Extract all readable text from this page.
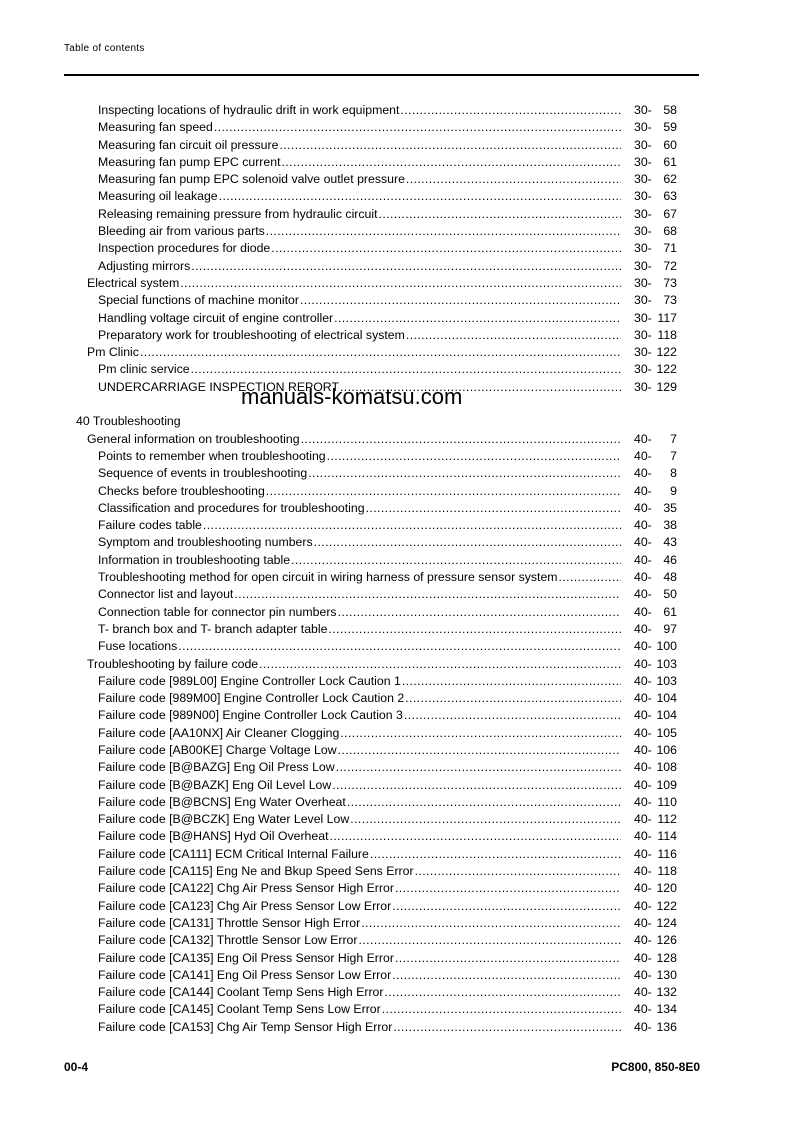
Table of contents
Inspecting locations of hydraulic drift in work equipment
.....	30- 58
Measuring fan speed
.....	30- 59
Measuring fan circuit oil pressure
.....	30- 60
Measuring fan pump EPC current
.....	30- 61
Measuring fan pump EPC solenoid valve outlet pressure
.....	30- 62
Measuring oil leakage
.....	30- 63
Releasing remaining pressure from hydraulic circuit
.....	30- 67
Bleeding air from various parts
.....	30- 68
Inspection procedures for diode
.....	30- 71
Adjusting mirrors
.....	30- 72
Electrical system
.....	30- 73
Special functions of machine monitor
.....	30- 73
Handling voltage circuit of engine controller
.....	30- 117
Preparatory work for troubleshooting of electrical system
.....	30- 118
Pm Clinic
.....	30- 122
Pm clinic service
.....	30- 122
UNDERCARRIAGE INSPECTION REPORT
.....	30- 129
manuals-komatsu.com
40 Troubleshooting
General information on troubleshooting
.....	40- 7
Points to remember when troubleshooting
.....	40- 7
Sequence of events in troubleshooting
.....	40- 8
Checks before troubleshooting
.....	40- 9
Classification and procedures for troubleshooting
.....	40- 35
Failure codes table
.....	40- 38
Symptom and troubleshooting numbers
.....	40- 43
Information in troubleshooting table
.....	40- 46
Troubleshooting method for open circuit in wiring harness of pressure sensor system
.....	40- 48
Connector list and layout
.....	40- 50
Connection table for connector pin numbers
.....	40- 61
T- branch box and T- branch adapter table
.....	40- 97
Fuse locations
.....	40- 100
Troubleshooting by failure code
.....	40- 103
Failure code [989L00] Engine Controller Lock Caution 1
.....	40- 103
Failure code [989M00] Engine Controller Lock Caution 2
.....	40- 104
Failure code [989N00] Engine Controller Lock Caution 3
.....	40- 104
Failure code [AA10NX] Air Cleaner Clogging
.....	40- 105
Failure code [AB00KE] Charge Voltage Low
.....	40- 106
Failure code [B@BAZG] Eng Oil Press Low
.....	40- 108
Failure code [B@BAZK] Eng Oil Level Low
.....	40- 109
Failure code [B@BCNS] Eng Water Overheat
.....	40- 110
Failure code [B@BCZK] Eng Water Level Low
.....	40- 112
Failure code [B@HANS] Hyd Oil Overheat
.....	40- 114
Failure code [CA111] ECM Critical Internal Failure
.....	40- 116
Failure code [CA115] Eng Ne and Bkup Speed Sens Error
.....	40- 118
Failure code [CA122] Chg Air Press Sensor High Error
.....	40- 120
Failure code [CA123] Chg Air Press Sensor Low Error
.....	40- 122
Failure code [CA131] Throttle Sensor High Error
.....	40- 124
Failure code [CA132] Throttle Sensor Low Error
.....	40- 126
Failure code [CA135] Eng Oil Press Sensor High Error
.....	40- 128
Failure code [CA141] Eng Oil Press Sensor Low Error
.....	40- 130
Failure code [CA144] Coolant Temp Sens High Error
.....	40- 132
Failure code [CA145] Coolant Temp Sens Low Error
.....	40- 134
Failure code [CA153] Chg Air Temp Sensor High Error
.....	40- 136
00-4	PC800, 850-8E0
